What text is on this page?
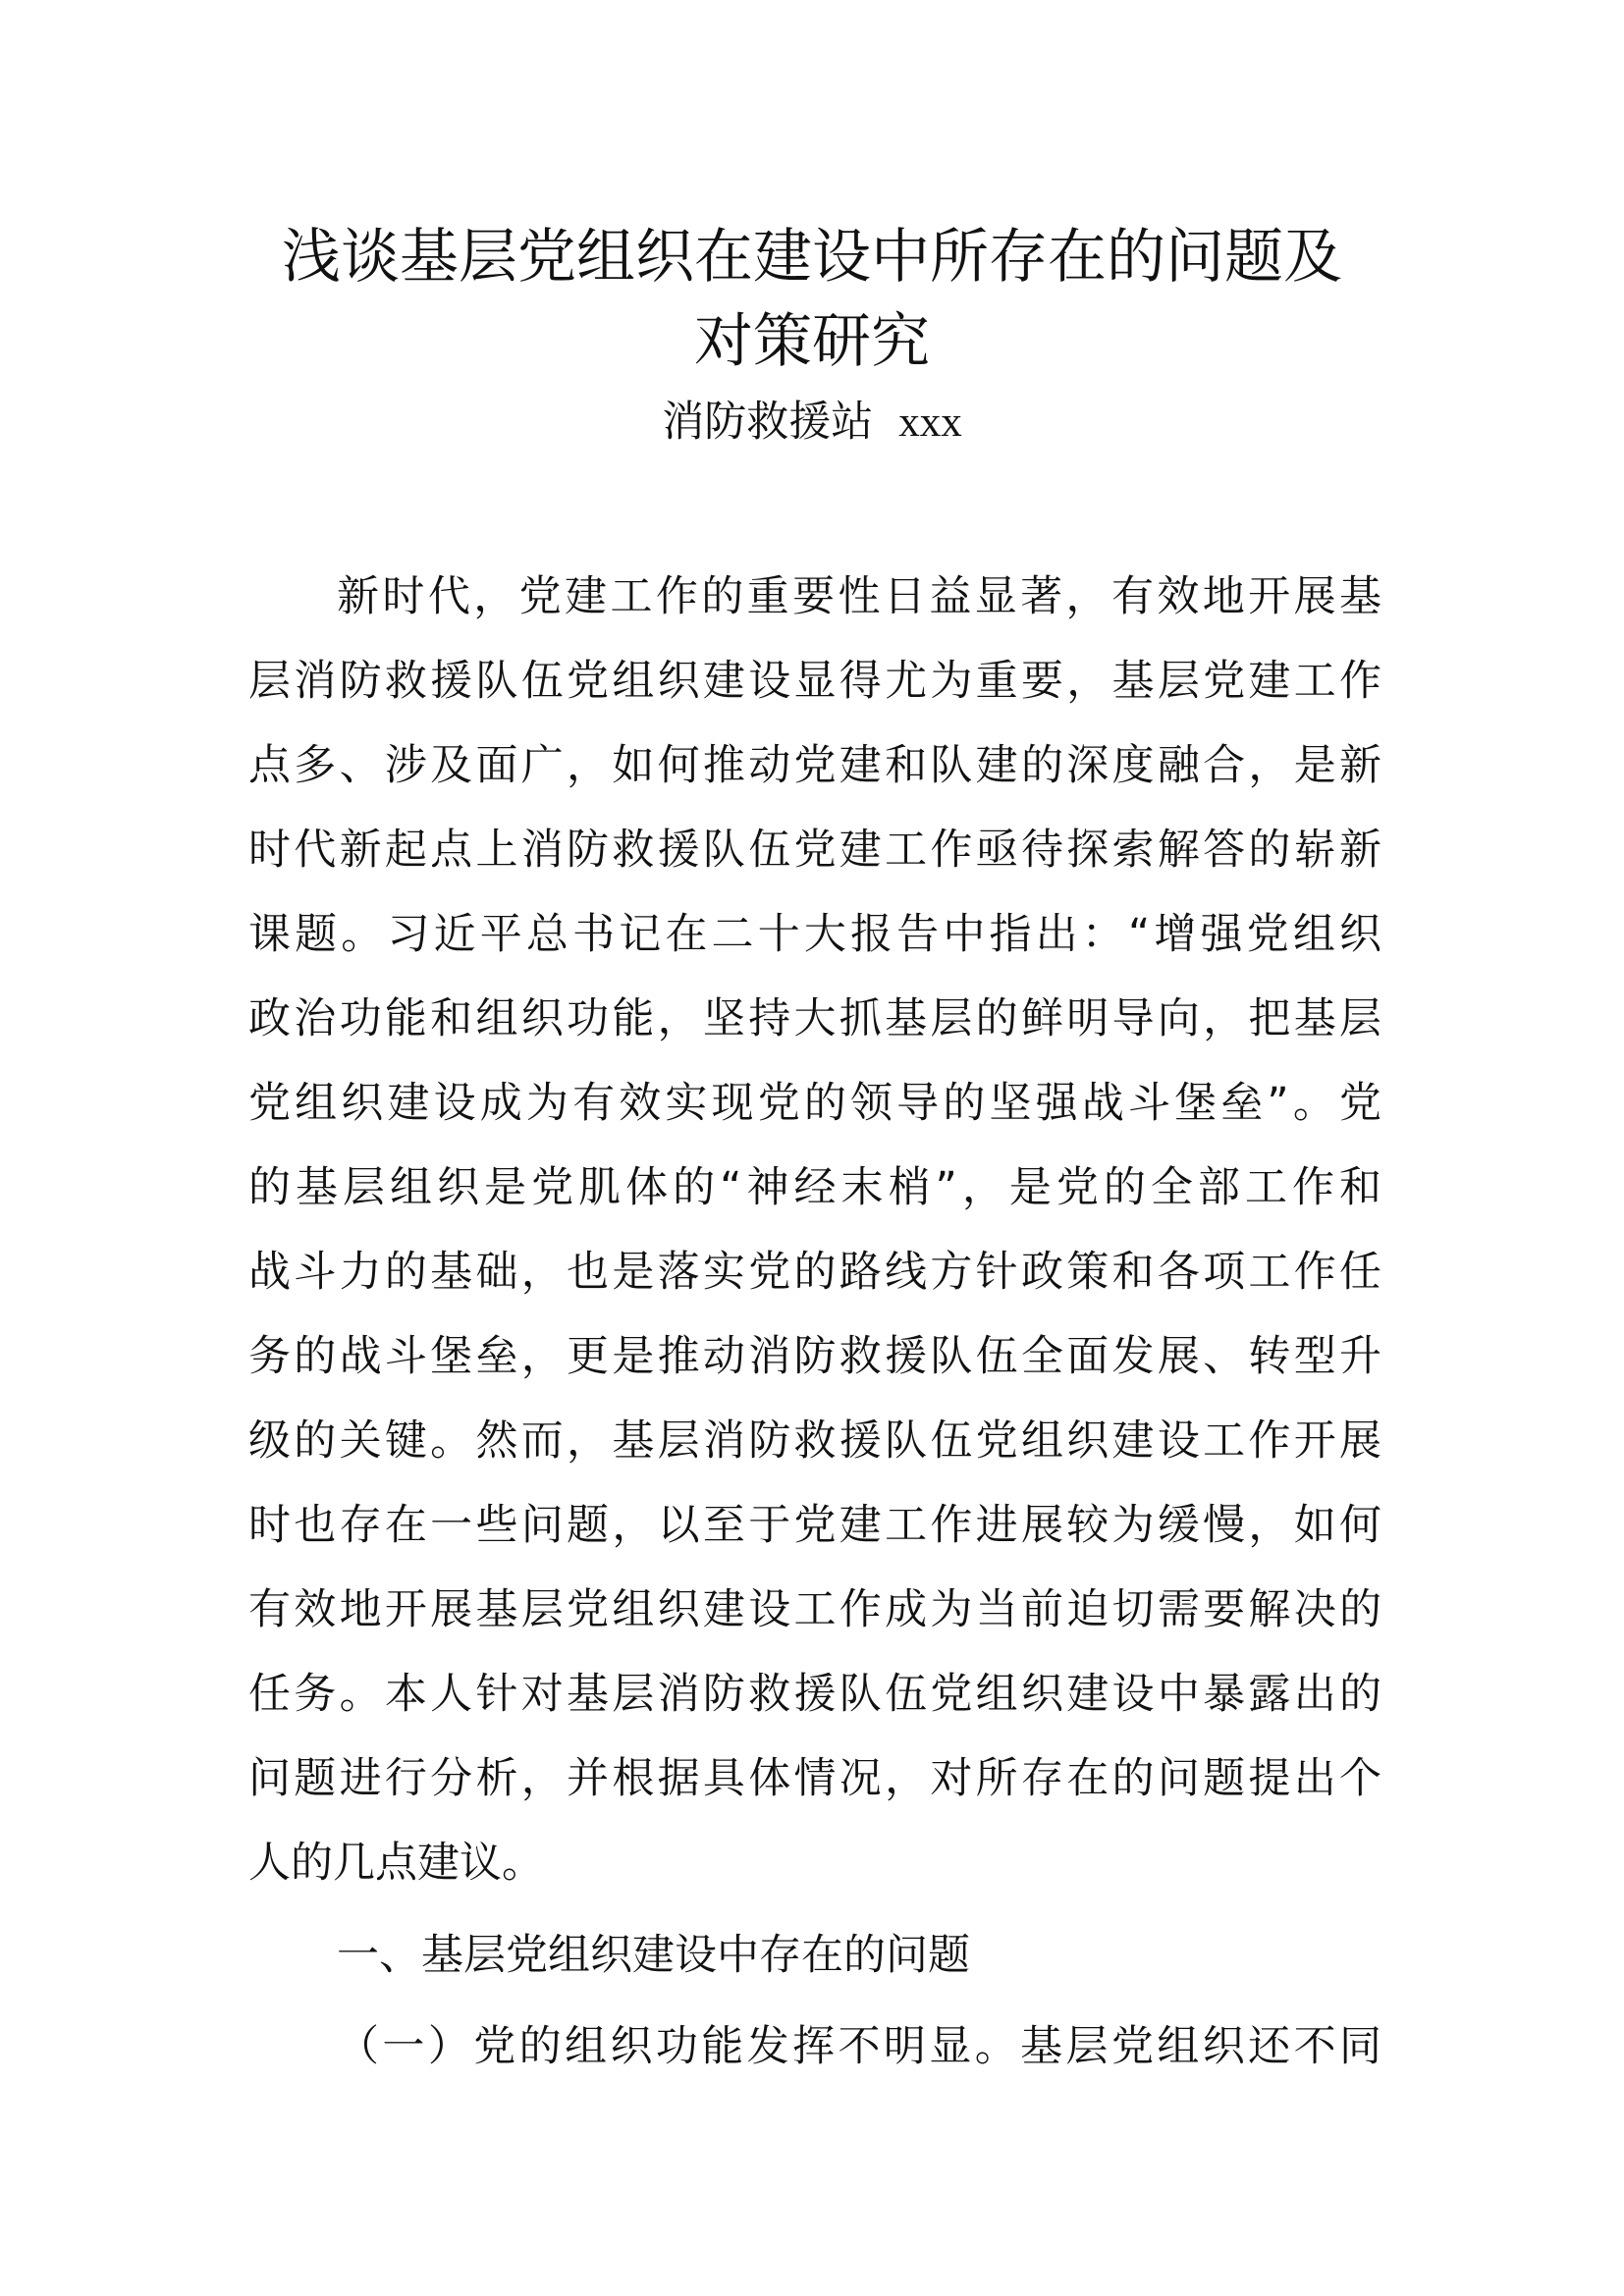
浅谈基层党组织在建设中所存在的问题及
对策研究
消防救援站 xxx
新时代，党建工作的重要性日益显著，有效地开展基
层消防救援队伍党组织建设显得尤为重要，基层党建工作
点多、涉及面广，如何推动党建和队建的深度融合，是新
时代新起点上消防救援队伍党建工作亟待探索解答的崭新
课题。习近平总书记在二十大报告中指出：“增强党组织
政治功能和组织功能，坚持大抓基层的鲜明导向，把基层
党组织建设成为有效实现党的领导的坚强战斗堡垒”。党
的基层组织是党肌体的“神经末梢”，是党的全部工作和
战斗力的基础，也是落实党的路线方针政策和各项工作任
务的战斗堡垒，更是推动消防救援队伍全面发展、转型升
级的关键。然而，基层消防救援队伍党组织建设工作开展
时也存在一些问题，以至于党建工作进展较为缓慢，如何
有效地开展基层党组织建设工作成为当前迫切需要解决的
任务。本人针对基层消防救援队伍党组织建设中暴露出的
问题进行分析，并根据具体情况，对所存在的问题提出个
人的几点建议。
一、基层党组织建设中存在的问题
（一）党的组织功能发挥不明显。基层党组织还不同
